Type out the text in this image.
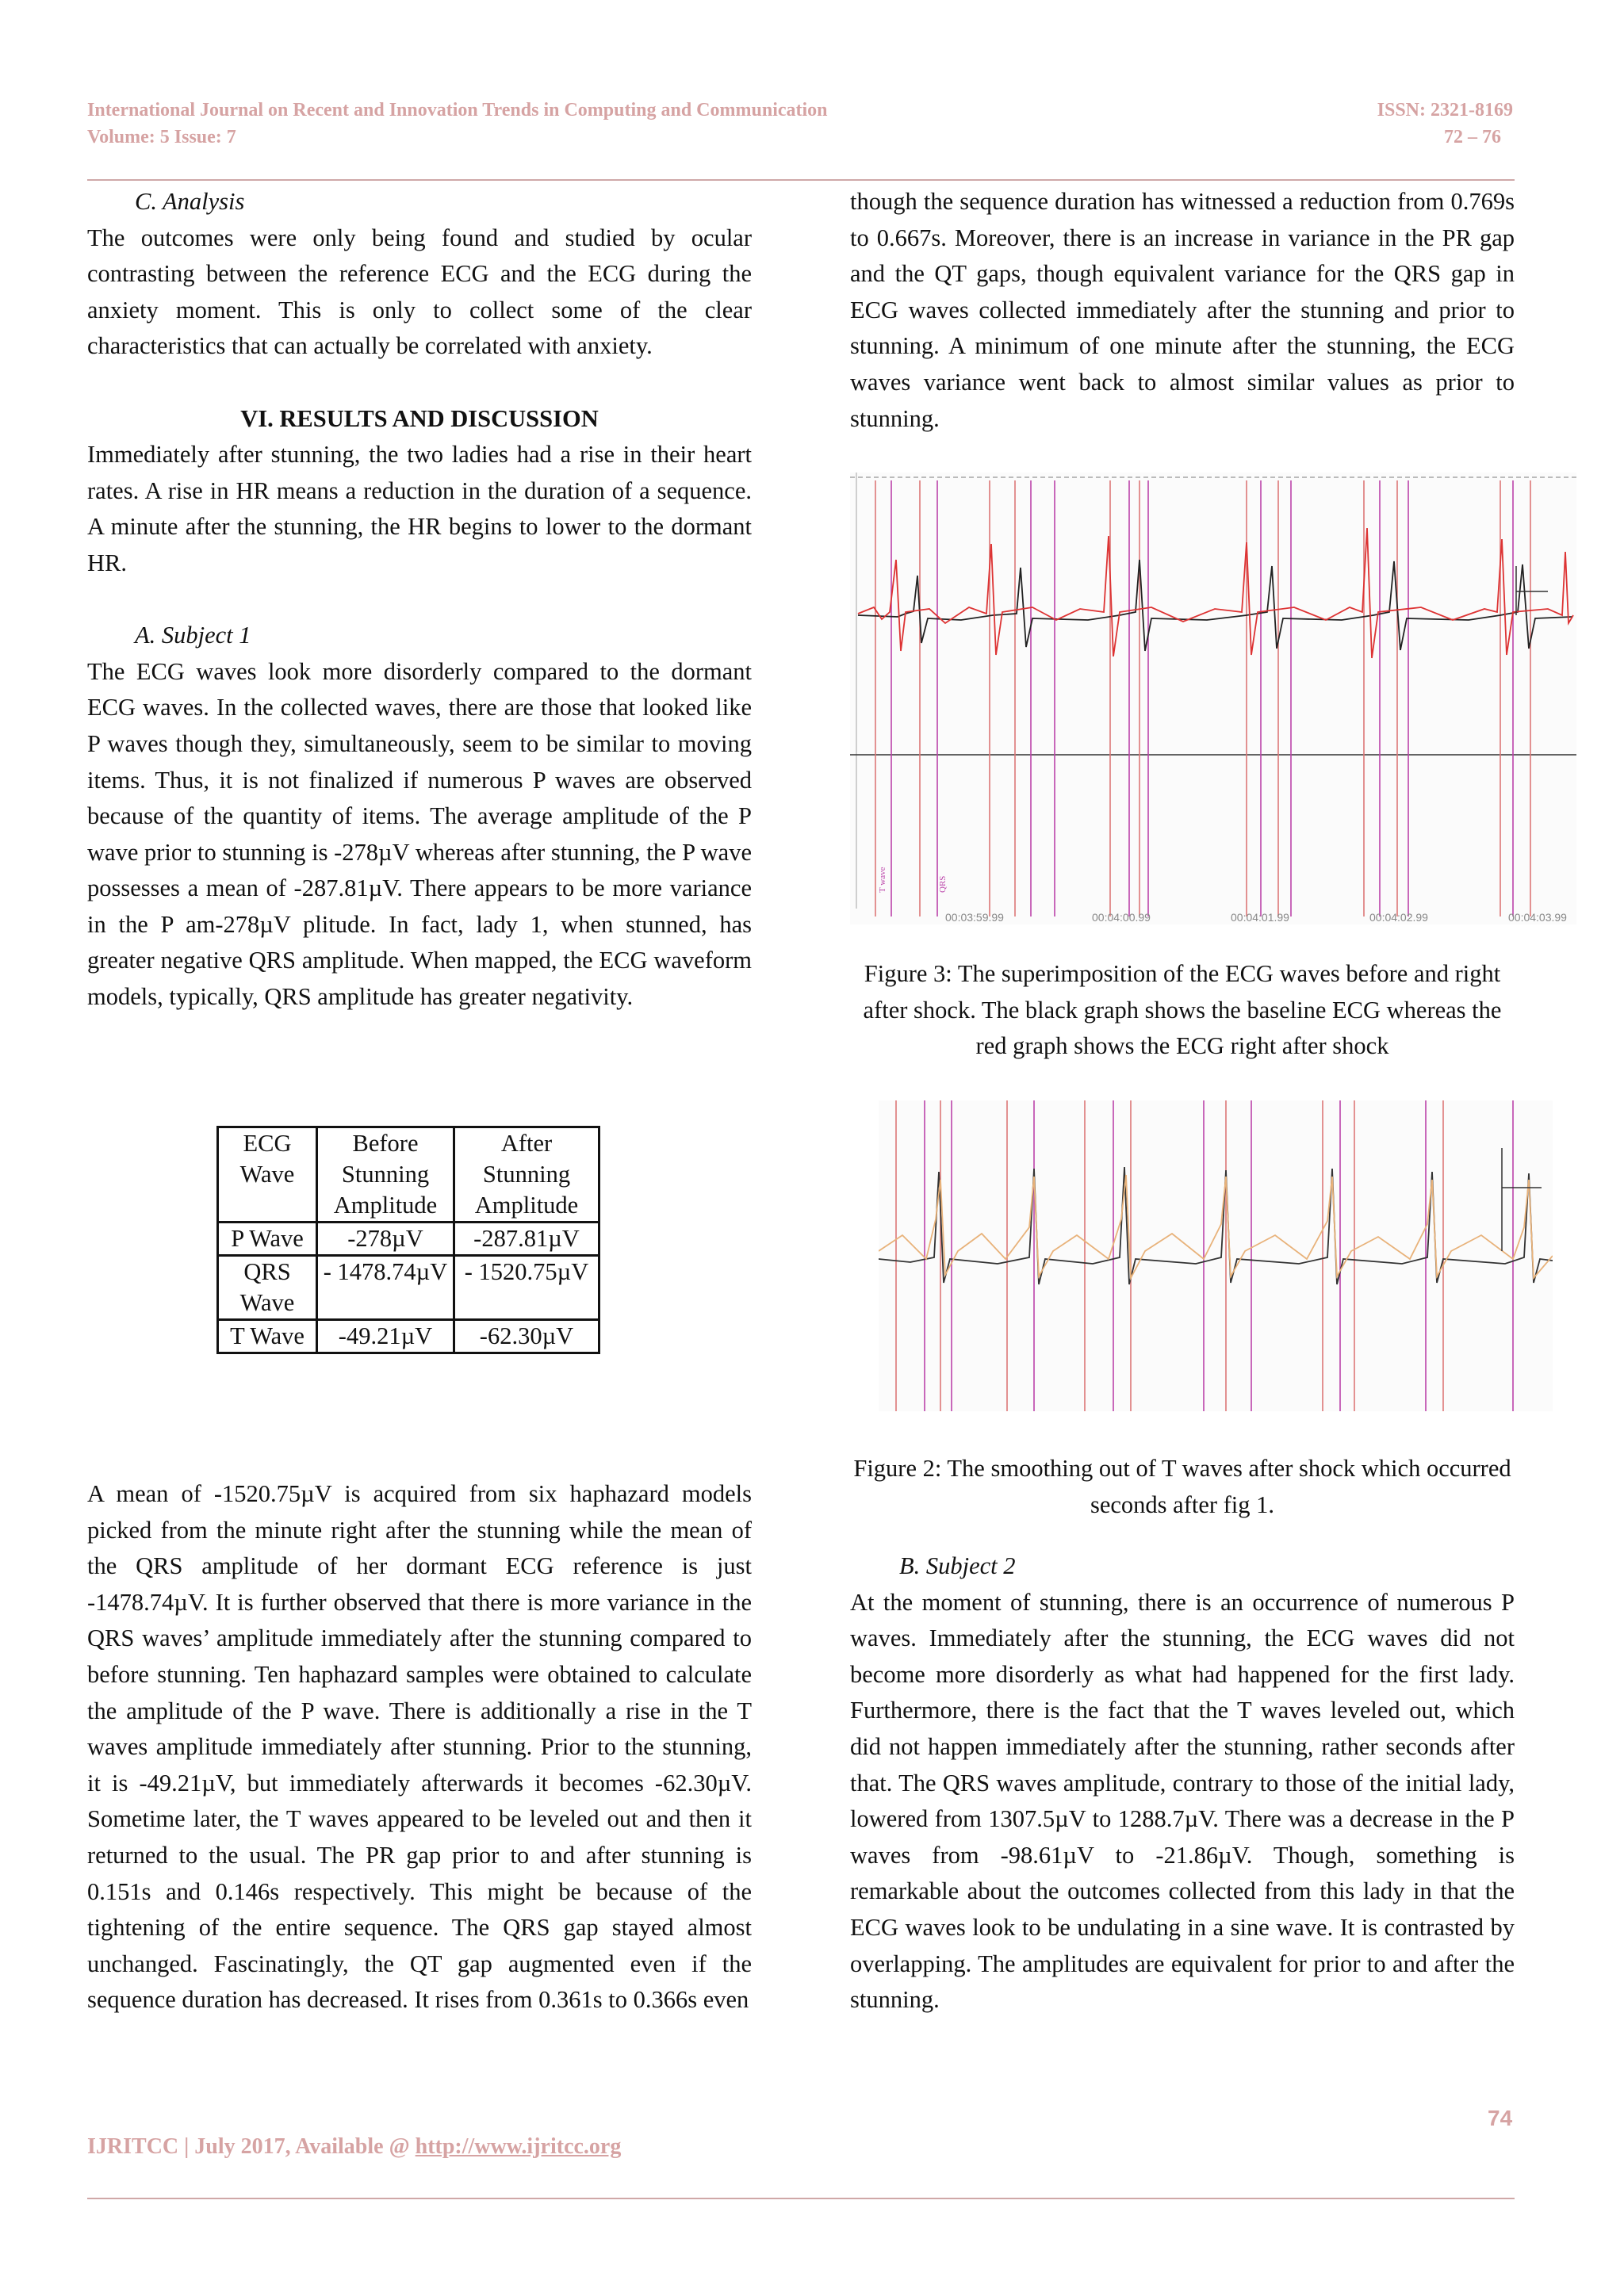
International Journal on Recent and Innovation Trends in Computing and Communication
Volume: 5 Issue: 7
ISSN: 2321-8169
72 – 76

C. Analysis

The outcomes were only being found and studied by ocular contrasting between the reference ECG and the ECG during the anxiety moment. This is only to collect some of the clear characteristics that can actually be correlated with anxiety.

VI. RESULTS AND DISCUSSION

Immediately after stunning, the two ladies had a rise in their heart rates. A rise in HR means a reduction in the duration of a sequence. A minute after the stunning, the HR begins to lower to the dormant HR.

A. Subject 1

The ECG waves look more disorderly compared to the dormant ECG waves. In the collected waves, there are those that looked like P waves though they, simultaneously, seem to be similar to moving items. Thus, it is not finalized if numerous P waves are observed because of the quantity of items. The average amplitude of the P wave prior to stunning is -278µV whereas after stunning, the P wave possesses a mean of -287.81µV. There appears to be more variance in the P am-278µV plitude. In fact, lady 1, when stunned, has greater negative QRS amplitude. When mapped, the ECG waveform models, typically, QRS amplitude has greater negativity.

ECG Wave	Before Stunning Amplitude	After Stunning Amplitude
P Wave	-278µV	-287.81µV
QRS Wave	- 1478.74µV	- 1520.75µV
T Wave	-49.21µV	-62.30µV

A mean of -1520.75µV is acquired from six haphazard models picked from the minute right after the stunning while the mean of the QRS amplitude of her dormant ECG reference is just -1478.74µV. It is further observed that there is more variance in the QRS waves’ amplitude immediately after the stunning compared to before stunning. Ten haphazard samples were obtained to calculate the amplitude of the P wave. There is additionally a rise in the T waves amplitude immediately after stunning. Prior to the stunning, it is -49.21µV, but immediately afterwards it becomes -62.30µV. Sometime later, the T waves appeared to be leveled out and then it returned to the usual. The PR gap prior to and after stunning is 0.151s and 0.146s respectively. This might be because of the tightening of the entire sequence. The QRS gap stayed almost unchanged. Fascinatingly, the QT gap augmented even if the sequence duration has decreased. It rises from 0.361s to 0.366s even

though the sequence duration has witnessed a reduction from 0.769s to 0.667s. Moreover, there is an increase in variance in the PR gap and the QT gaps, though equivalent variance for the QRS gap in ECG waves collected immediately after the stunning and prior to stunning. A minimum of one minute after the stunning, the ECG waves variance went back to almost similar values as prior to stunning.

T wave	QRS
00:03:59.99	00:04:00.99	00:04:01.99	00:04:02.99	00:04:03.99
Figure 3: The superimposition of the ECG waves before and right after shock. The black graph shows the baseline ECG whereas the red graph shows the ECG right after shock
Figure 2: The smoothing out of T waves after shock which occurred seconds after fig 1.

B. Subject 2

At the moment of stunning, there is an occurrence of numerous P waves. Immediately after the stunning, the ECG waves did not become more disorderly as what had happened for the first lady. Furthermore, there is the fact that the T waves leveled out, which did not happen immediately after the stunning, rather seconds after that. The QRS waves amplitude, contrary to those of the initial lady, lowered from 1307.5µV to 1288.7µV. There was a decrease in the P waves from -98.61µV to -21.86µV. Though, something is remarkable about the outcomes collected from this lady in that the ECG waves look to be undulating in a sine wave. It is contrasted by overlapping. The amplitudes are equivalent for prior to and after the stunning.

74
IJRITCC | July 2017, Available @ http://www.ijritcc.org
